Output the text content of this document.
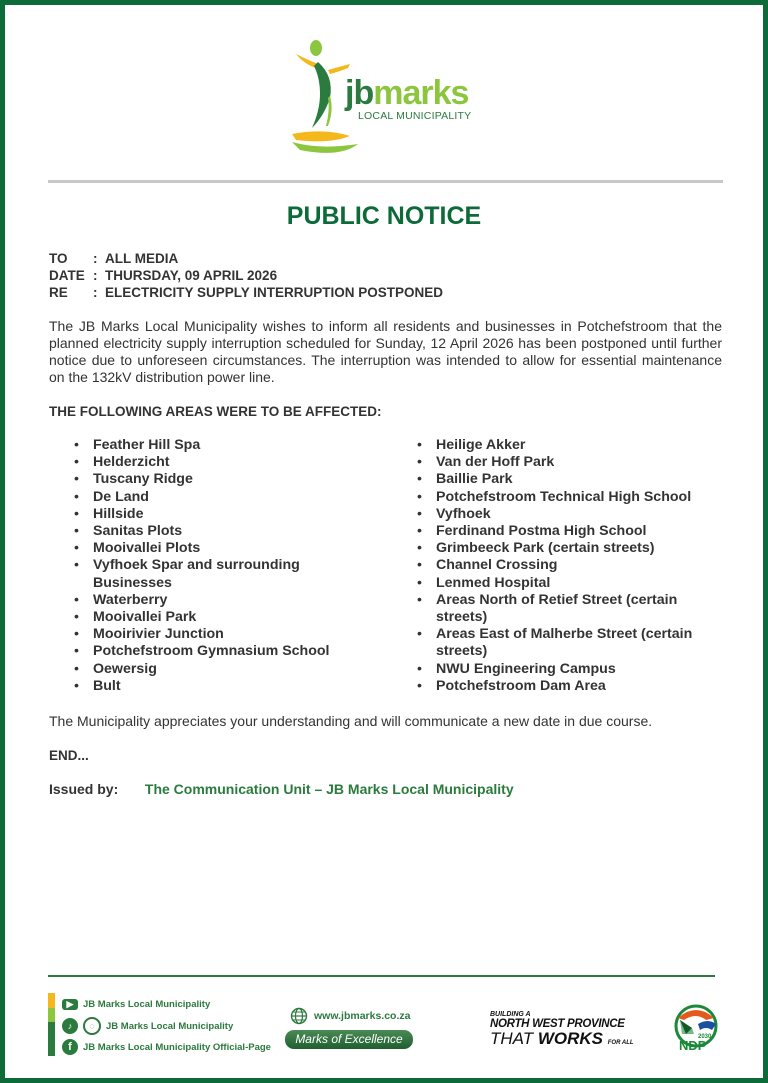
jbmarks
LOCAL MUNICIPALITY
PUBLIC NOTICE
TO	: ALL MEDIA
DATE : THURSDAY, 09 APRIL 2026
RE	: ELECTRICITY SUPPLY INTERRUPTION POSTPONED
The JB Marks Local Municipality wishes to inform all residents and businesses in Potchefstroom that the planned electricity supply interruption scheduled for Sunday, 12 April 2026 has been postponed until further notice due to unforeseen circumstances. The interruption was intended to allow for essential maintenance on the 132kV distribution power line.
THE FOLLOWING AREAS WERE TO BE AFFECTED:
• Feather Hill Spa
• Helderzicht
• Tuscany Ridge
• De Land
• Hillside
• Sanitas Plots
• Mooivallei Plots
• Vyfhoek Spar and surrounding Businesses
• Waterberry
• Mooivallei Park
• Mooirivier Junction
• Potchefstroom Gymnasium School
• Oewersig
• Bult
• Heilige Akker
• Van der Hoff Park
• Baillie Park
• Potchefstroom Technical High School
• Vyfhoek
• Ferdinand Postma High School
• Grimbeeck Park (certain streets)
• Channel Crossing
• Lenmed Hospital
• Areas North of Retief Street (certain streets)
• Areas East of Malherbe Street (certain streets)
• NWU Engineering Campus
• Potchefstroom Dam Area
The Municipality appreciates your understanding and will communicate a new date in due course.
END...
Issued by: The Communication Unit – JB Marks Local Municipality
▶	JB Marks Local Municipality
♪	◌	JB Marks Local Municipality
f	JB Marks Local Municipality Official-Page
www.jbmarks.co.za
Marks of Excellence
BUILDING A
NORTH WEST PROVINCE
THAT WORKS FOR ALL
2030
NDP
